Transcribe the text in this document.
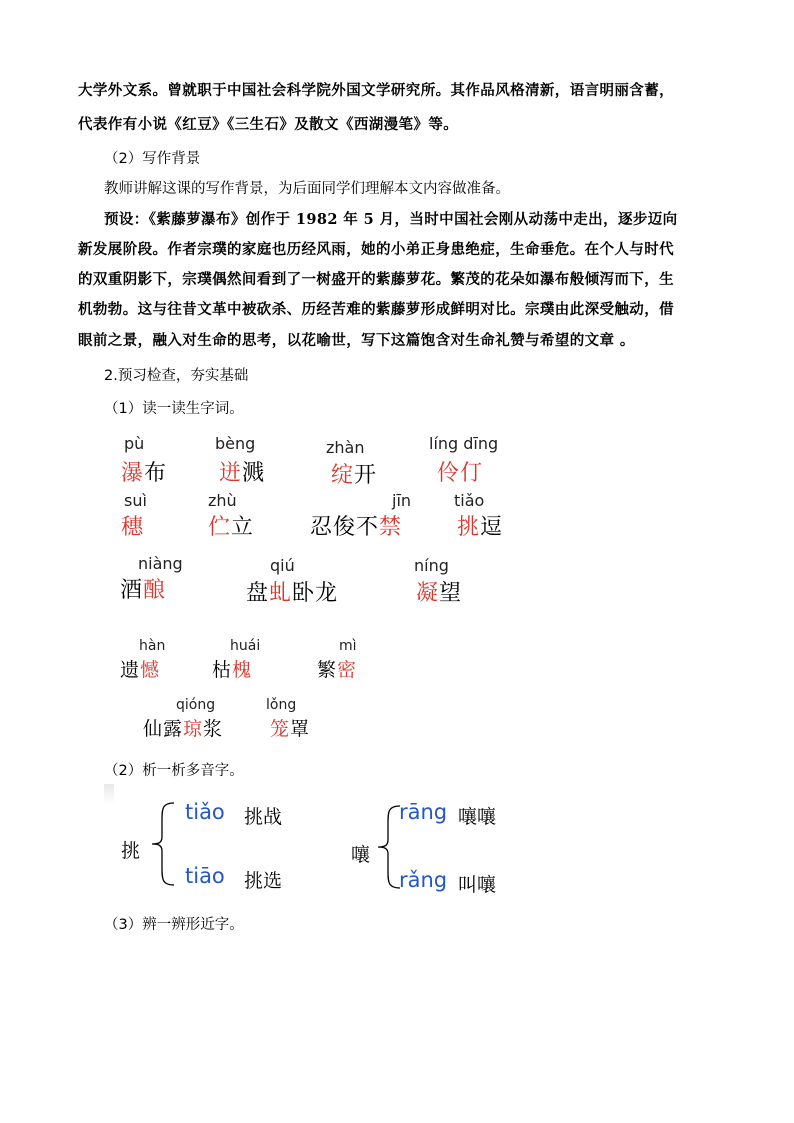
大学外文系。曾就职于中国社会科学院外国文学研究所。其作品风格清新，语言明丽含蓄，
代表作有小说《红豆》《三生石》及散文《西湖漫笔》等。
（2）写作背景
教师讲解这课的写作背景，为后面同学们理解本文内容做准备。
预设：《紫藤萝瀑布》创作于 1982 年 5 月，当时中国社会刚从动荡中走出，逐步迈向
新发展阶段。作者宗璞的家庭也历经风雨，她的小弟正身患绝症，生命垂危。在个人与时代
的双重阴影下，宗璞偶然间看到了一树盛开的紫藤萝花。繁茂的花朵如瀑布般倾泻而下，生
机勃勃。这与往昔文革中被砍杀、历经苦难的紫藤萝形成鲜明对比。宗璞由此深受触动，借
眼前之景，融入对生命的思考，以花喻世，写下这篇饱含对生命礼赞与希望的文章 。
2.预习检查，夯实基础
（1）读一读生字词。
pù
瀑布
bèng
迸溅
zhàn
绽开
líng dīng
伶仃
suì
穗
zhù
伫立
jīn
忍俊不禁
tiǎo
挑逗
niàng
酒酿
qiú
盘虬卧龙
níng
凝望
hàn
遗憾
huái
枯槐
mì
繁密
qióng
仙露琼浆
lǒng
笼罩
（2）析一析多音字。
挑
tiǎo 挑战
tiāo 挑选
嚷
rāng 嚷嚷
rǎng 叫嚷
（3）辨一辨形近字。
